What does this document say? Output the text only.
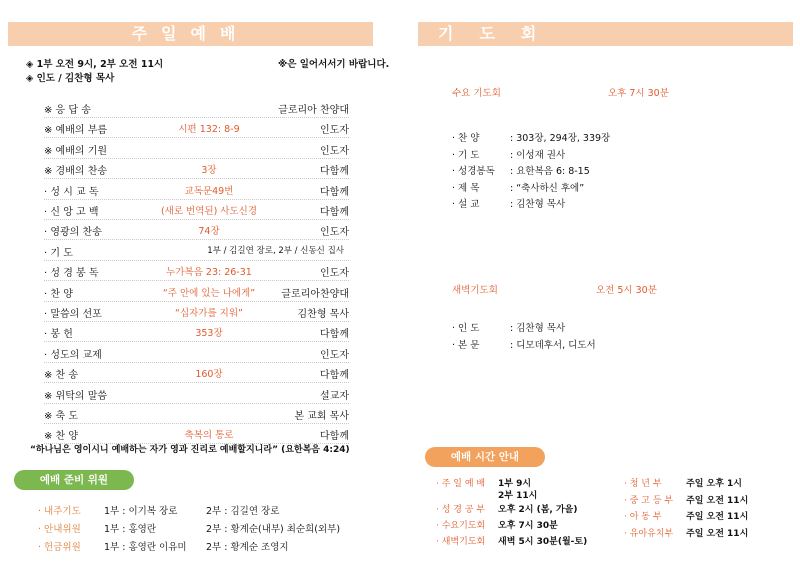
주일예배
◈ 1부 오전 9시, 2부 오전 11시	※은 일어서서기 바랍니다.
◈ 인도 / 김찬형 목사
※ 응 답 송	글로리아 찬양대
※ 예배의 부름	시편 132: 8-9	인도자
※ 예배의 기원	인도자
※ 경배의 찬송	3장	다함께
· 성 시 교 독	교독문49번	다함께
· 신 앙 고 백	(새로 번역된) 사도신경	다함께
· 영광의 찬송	74장	인도자
· 기 도	1부 / 김길연 장로, 2부 / 신동신 집사
· 성 경 봉 독	누가복음 23: 26-31	인도자
· 찬 양	“주 안에 있는 나에게”	글로리아찬양대
· 말씀의 선포	“십자가를 지워”	김찬형 목사
· 봉 헌	353장	다함께
· 성도의 교제	인도자
※ 찬 송	160장	다함께
※ 위탁의 말씀	설교자
※ 축 도	본 교회 목사
※ 찬 양	축복의 통로	다함께
“하나님은 영이시니 예배하는 자가 영과 진리로 예배할지니라” (요한복음 4:24)
예배 준비 위원
· 내주기도 1부 : 이기복 장로	2부 : 김길연 장로
· 안내위원 1부 : 홍영란	2부 : 황계순(내부) 최순희(외부)
· 헌금위원 1부 : 홍영란 이유미 2부 : 황계순 조영지
기도회
수요 기도회	오후 7시 30분
· 찬 양	: 303장, 294장, 339장
· 기 도	: 이성재 권사
· 성경봉독 : 요한복음 6: 8-15
· 제 목	: “축사하신 후에”
· 설 교	: 김찬형 목사
새벽기도회	오전 5시 30분
· 인 도	: 김찬형 목사
· 본 문	: 디모데후서, 디도서
예배 시간 안내
· 주 일 예 배 1부 9시
2부 11시
· 성 경 공 부 오후 2시 (봄, 가을)
· 수요기도회 오후 7시 30분
· 새벽기도회 새벽 5시 30분(월-토)
· 청 년 부	주일 오후 1시
· 중 고 등 부 주일 오전 11시
· 아 동 부	주일 오전 11시
· 유아유치부 주일 오전 11시
